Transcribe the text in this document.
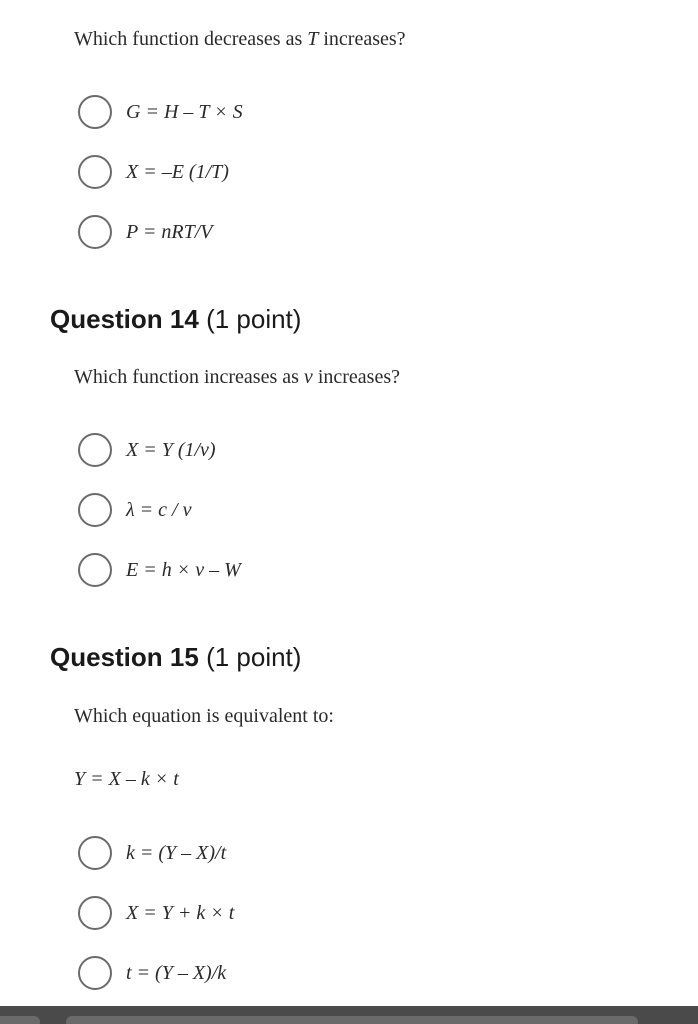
Which function decreases as T increases?
G = H – T × S
X = –E (1/T)
P = nRT/V
Question 14 (1 point)
Which function increases as v increases?
X = Y (1/v)
λ = c / v
E = h × v – W
Question 15 (1 point)
Which equation is equivalent to:
Y = X – k × t
k = (Y – X)/t
X = Y + k × t
t = (Y – X)/k
